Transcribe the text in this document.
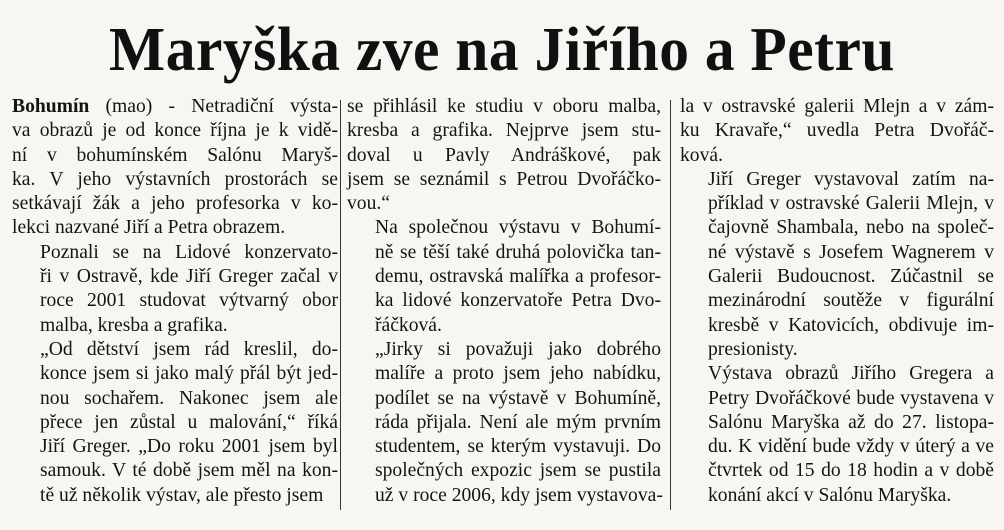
Maryška zve na Jiřího a Petru

Bohumín (mao) - Netradiční výsta-
va obrazů je od konce října je k vidě-
ní v bohumínském Salónu Maryš-
ka. V jeho výstavních prostorách se
setkávají žák a jeho profesorka v ko-
lekci nazvané Jiří a Petra obrazem.

Poznali se na Lidové konzervato-
ři v Ostravě, kde Jiří Greger začal v
roce 2001 studovat výtvarný obor
malba, kresba a grafika.

„Od dětství jsem rád kreslil, do-
konce jsem si jako malý přál být jed-
nou sochařem. Nakonec jsem ale
přece jen zůstal u malování,“ říká
Jiří Greger. „Do roku 2001 jsem byl
samouk. V té době jsem měl na kon-
tě už několik výstav, ale přesto jsem

se přihlásil ke studiu v oboru malba,
kresba a grafika. Nejprve jsem stu-
doval u Pavly Andráškové, pak
jsem se seznámil s Petrou Dvořáčko-
vou.“

Na společnou výstavu v Bohumí-
ně se těší také druhá polovička tan-
demu, ostravská malířka a profesor-
ka lidové konzervatoře Petra Dvo-
řáčková.

„Jirky si považuji jako dobrého
malíře a proto jsem jeho nabídku,
podílet se na výstavě v Bohumíně,
ráda přijala. Není ale mým prvním
studentem, se kterým vystavuji. Do
společných expozic jsem se pustila
už v roce 2006, kdy jsem vystavova-

la v ostravské galerii Mlejn a v zám-
ku Kravaře,“ uvedla Petra Dvořáč-
ková.

Jiří Greger vystavoval zatím na-
příklad v ostravské Galerii Mlejn, v
čajovně Shambala, nebo na společ-
né výstavě s Josefem Wagnerem v
Galerii Budoucnost. Zúčastnil se
mezinárodní soutěže v figurální
kresbě v Katovicích, obdivuje im-
presionisty.

Výstava obrazů Jiřího Gregera a
Petry Dvořáčkové bude vystavena v
Salónu Maryška až do 27. listopa-
du. K vidění bude vždy v úterý a ve
čtvrtek od 15 do 18 hodin a v době
konání akcí v Salónu Maryška.
